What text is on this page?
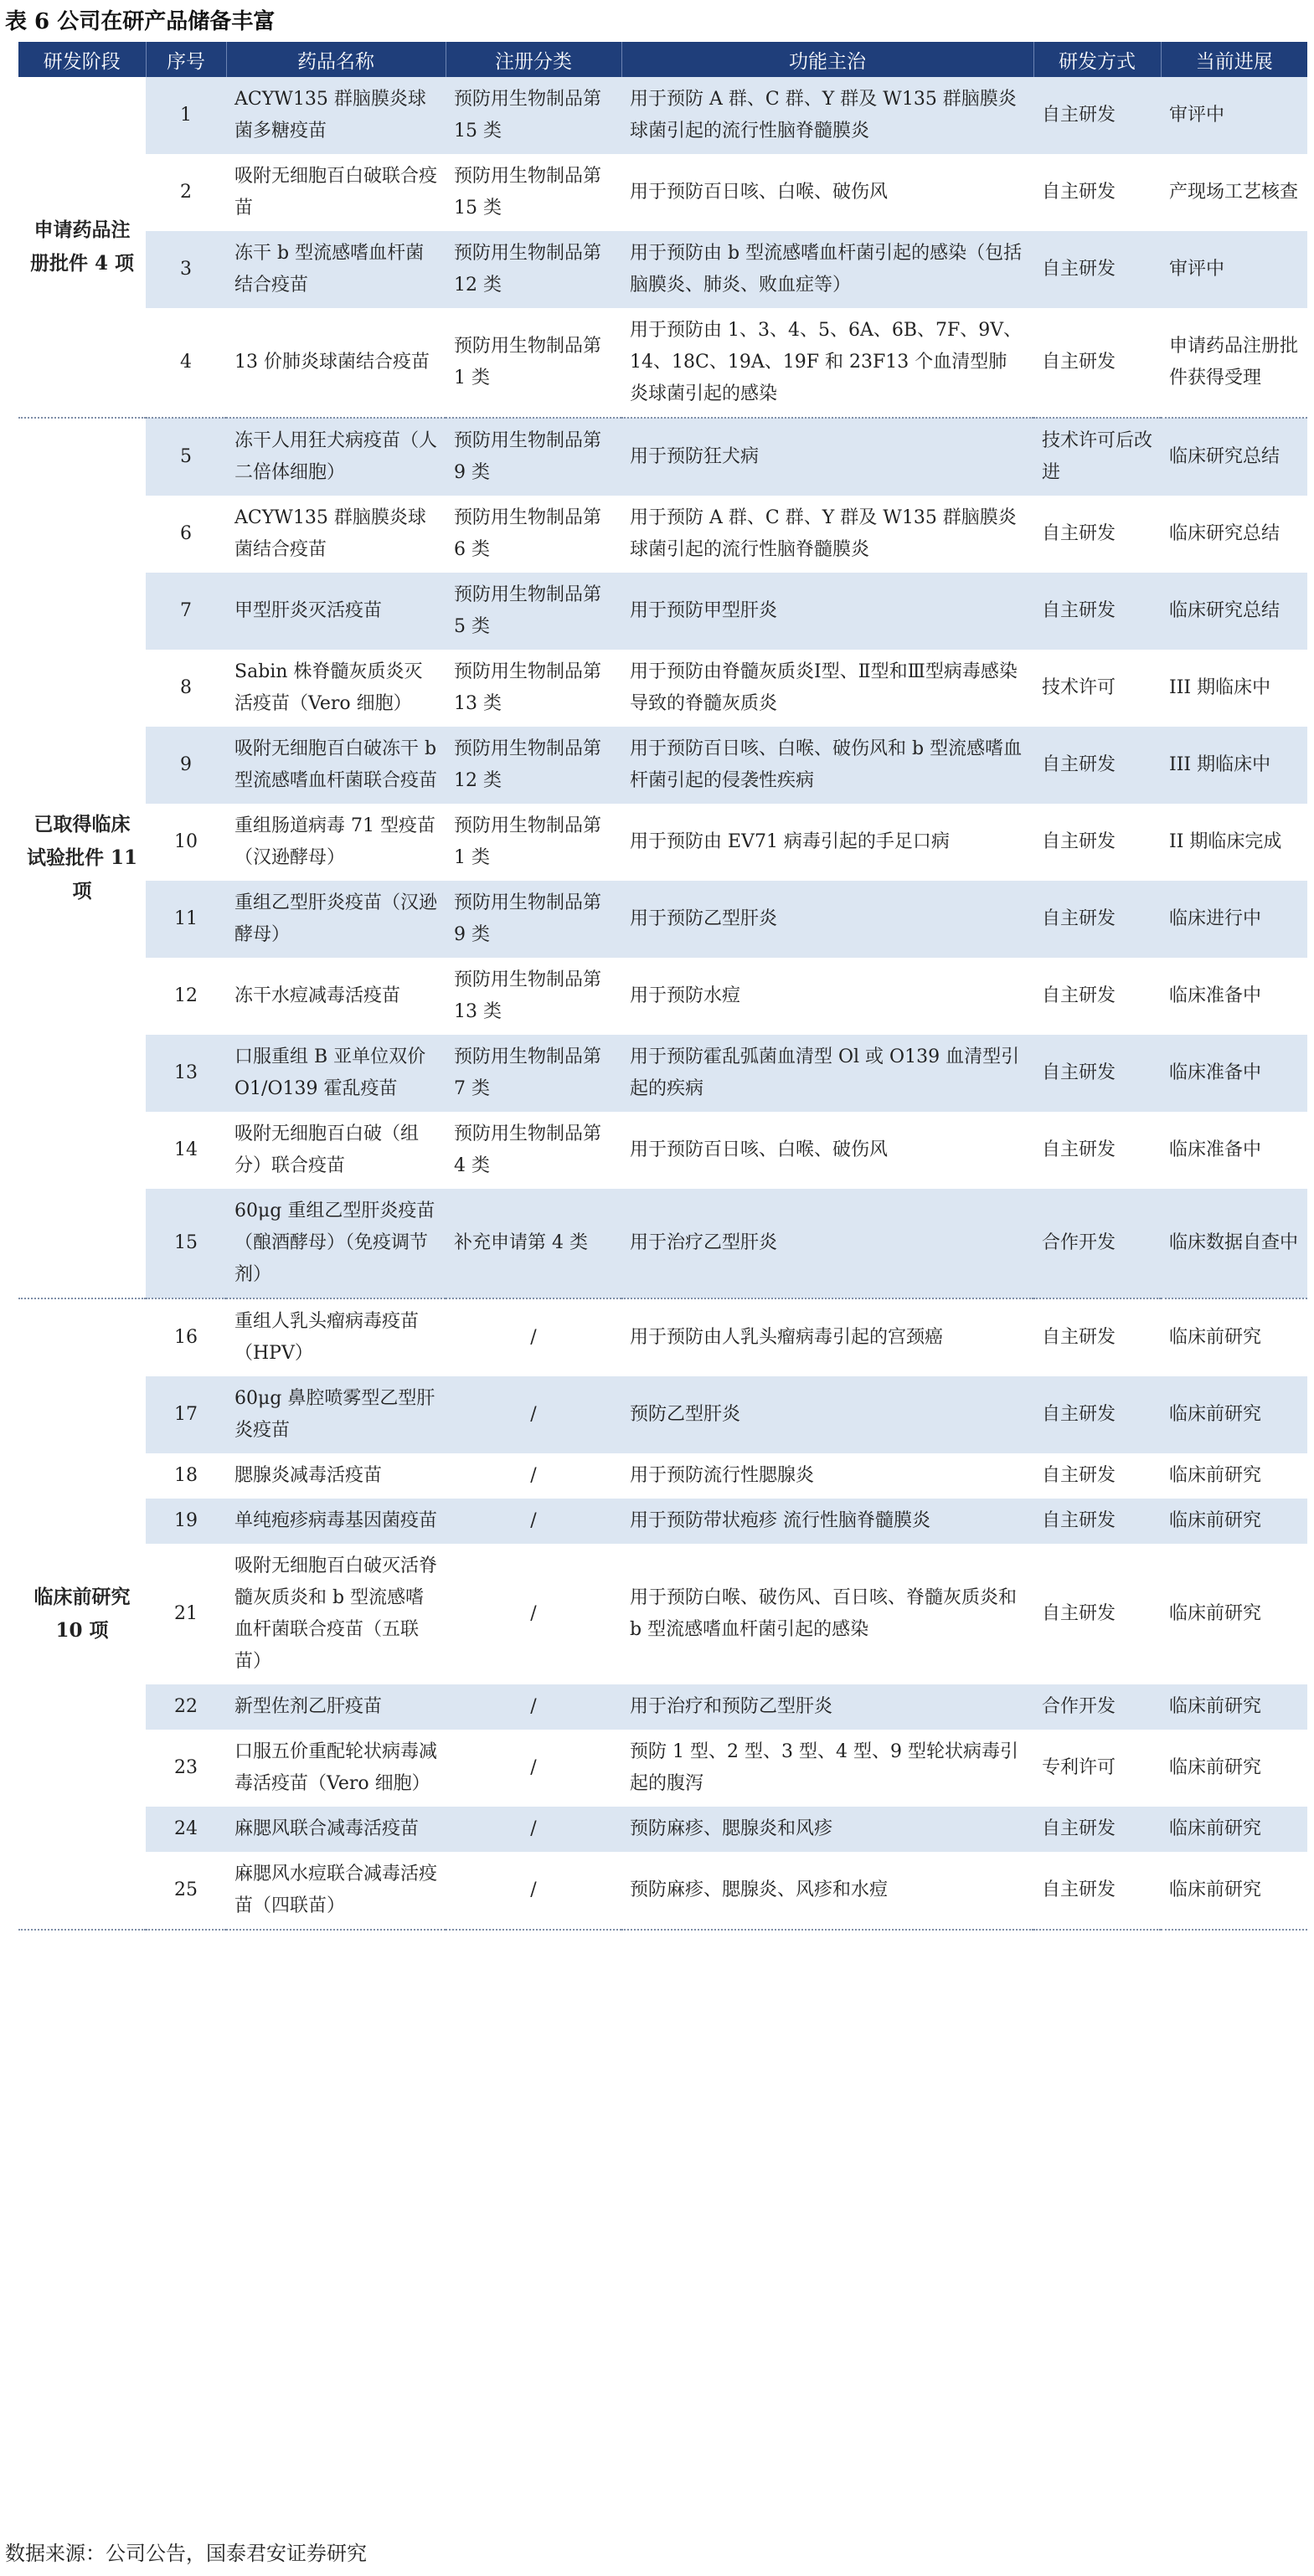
表 6 公司在研产品储备丰富
研发阶段	序号	药品名称	注册分类	功能主治	研发方式	当前进展
申请药品注册批件 4 项	1	ACYW135 群脑膜炎球菌多糖疫苗	预防用生物制品第 15 类	用于预防 A 群、C 群、Y 群及 W135 群脑膜炎球菌引起的流行性脑脊髓膜炎	自主研发	审评中
	2	吸附无细胞百白破联合疫苗	预防用生物制品第 15 类	用于预防百日咳、白喉、破伤风	自主研发	产现场工艺核查
	3	冻干 b 型流感嗜血杆菌结合疫苗	预防用生物制品第 12 类	用于预防由 b 型流感嗜血杆菌引起的感染（包括脑膜炎、肺炎、败血症等）	自主研发	审评中
	4	13 价肺炎球菌结合疫苗	预防用生物制品第 1 类	用于预防由 1、3、4、5、6A、6B、7F、9V、14、18C、19A、19F 和 23F13 个血清型肺炎球菌引起的感染	自主研发	申请药品注册批件获得受理
已取得临床试验批件 11 项	5	冻干人用狂犬病疫苗（人二倍体细胞）	预防用生物制品第 9 类	用于预防狂犬病	技术许可后改进	临床研究总结
	6	ACYW135 群脑膜炎球菌结合疫苗	预防用生物制品第 6 类	用于预防 A 群、C 群、Y 群及 W135 群脑膜炎球菌引起的流行性脑脊髓膜炎	自主研发	临床研究总结
	7	甲型肝炎灭活疫苗	预防用生物制品第 5 类	用于预防甲型肝炎	自主研发	临床研究总结
	8	Sabin 株脊髓灰质炎灭活疫苗（Vero 细胞）	预防用生物制品第 13 类	用于预防由脊髓灰质炎Ⅰ型、Ⅱ型和Ⅲ型病毒感染导致的脊髓灰质炎	技术许可	III 期临床中
	9	吸附无细胞百白破冻干 b 型流感嗜血杆菌联合疫苗	预防用生物制品第 12 类	用于预防百日咳、白喉、破伤风和 b 型流感嗜血杆菌引起的侵袭性疾病	自主研发	III 期临床中
	10	重组肠道病毒 71 型疫苗（汉逊酵母）	预防用生物制品第 1 类	用于预防由 EV71 病毒引起的手足口病	自主研发	II 期临床完成
	11	重组乙型肝炎疫苗（汉逊酵母）	预防用生物制品第 9 类	用于预防乙型肝炎	自主研发	临床进行中
	12	冻干水痘减毒活疫苗	预防用生物制品第 13 类	用于预防水痘	自主研发	临床准备中
	13	口服重组 B 亚单位双价 O1/O139 霍乱疫苗	预防用生物制品第 7 类	用于预防霍乱弧菌血清型 Ol 或 O139 血清型引起的疾病	自主研发	临床准备中
	14	吸附无细胞百白破（组分）联合疫苗	预防用生物制品第 4 类	用于预防百日咳、白喉、破伤风	自主研发	临床准备中
	15	60μg 重组乙型肝炎疫苗（酿酒酵母）（免疫调节剂）	补充申请第 4 类	用于治疗乙型肝炎	合作开发	临床数据自查中
临床前研究 10 项	16	重组人乳头瘤病毒疫苗（HPV）	/	用于预防由人乳头瘤病毒引起的宫颈癌	自主研发	临床前研究
	17	60μg 鼻腔喷雾型乙型肝炎疫苗	/	预防乙型肝炎	自主研发	临床前研究
	18	腮腺炎减毒活疫苗	/	用于预防流行性腮腺炎	自主研发	临床前研究
	19	单纯疱疹病毒基因菌疫苗	/	用于预防带状疱疹 流行性脑脊髓膜炎	自主研发	临床前研究
	21	吸附无细胞百白破灭活脊髓灰质炎和 b 型流感嗜血杆菌联合疫苗（五联苗）	/	用于预防白喉、破伤风、百日咳、脊髓灰质炎和 b 型流感嗜血杆菌引起的感染	自主研发	临床前研究
	22	新型佐剂乙肝疫苗	/	用于治疗和预防乙型肝炎	合作开发	临床前研究
	23	口服五价重配轮状病毒减毒活疫苗（Vero 细胞）	/	预防 1 型、2 型、3 型、4 型、9 型轮状病毒引起的腹泻	专利许可	临床前研究
	24	麻腮风联合减毒活疫苗	/	预防麻疹、腮腺炎和风疹	自主研发	临床前研究
	25	麻腮风水痘联合减毒活疫苗（四联苗）	/	预防麻疹、腮腺炎、风疹和水痘	自主研发	临床前研究
数据来源：公司公告，国泰君安证券研究
